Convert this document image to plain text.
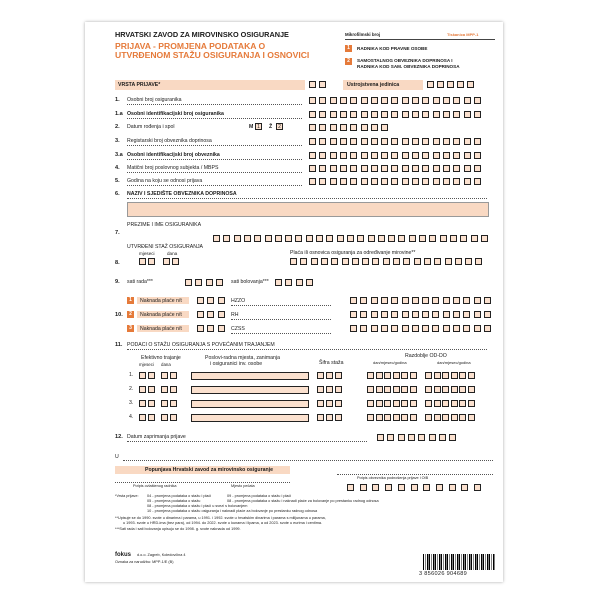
HRVATSKI ZAVOD ZA MIROVINSKO OSIGURANJE
PRIJAVA - PROMJENA PODATAKA O
UTVRĐENOM STAŽU OSIGURANJA I OSNOVICI
Mikrofilmski broj	Tiskanica MPP-1
1	RADNIKA KOD PRAVNE OSOBE
2	SAMOSTALNOG OBVEZNIKA DOPRINOSA I
RADNIKA KOD SAM. OBVEZNIKA DOPRINOSA
VRSTA PRIJAVE*	Ustrojstvena jedinica
1. Osobni broj osiguranika
1.a Osobni identifikacijski broj osiguranika
2. Datum rođenja i spol	M 1	Ž	2
3. Registarski broj obveznika doprinosa
3.a Osobni identifikacijski broj obveznika
4. Matični broj poslovnog subjekta / MBPS
5. Godina na koju se odnosi prijava
6. NAZIV I SJEDIŠTE OBVEZNIKA DOPRINOSA
7.
PREZIME I IME OSIGURANIKA
UTVRĐENI STAŽ OSIGURANJA
mjeseci	dana
8.
Plaća ili osnovica osiguranja za određivanje mirovine**
9. sati rada***	sati bolovanja***
10.
1	Naknada plaće n/t	HZZO
2	Naknada plaće n/t	RH
3	Naknada plaće n/t	CZSS
11. PODACI O STAŽU OSIGURANJA S POVEĆANIM TRAJANJEM
Efektivno trajanje
mjeseci dana
Poslovi-radna mjesta, zanimanja
i osiguranici inv. osobe	Šifra staža
Razdoblje OD-DO
dan/mjesec/godina	dan/mjesec/godina
1.
2.
3.
4.
12. Datum zaprimanja prijave
U
Popunjava Hrvatski zavod za mirovinsko osiguranje
Potpis ovlaštenog radnika	Mjesto pečata
Potpis obveznika podnošenja prijave i OIB
*Vrsta prijave: 04 - promjena podataka o stažu i plaći	09 - promjena podataka o stažu i plaći
05 - promjena podataka o stažu	08 - promjena podataka o stažu i naknadi plaće za bolovanje po prestanku radnog odnosa
08 - promjena podataka o stažu i plaći u svezi s bolovanjem
10 - promjena podataka o stažu osiguranja i naknadi plaće za bolovanje po prestanku radnog odnosa
**Upisuje se do 1990. svote u dinarima i parama, u 1991. i 1992. svote u hrvatskim dinarima i parama s milijunama u parama,
u 1993. svote u HRD-ima (bez para), od 1994. do 2022. svote u kunama i lipama, a od 2023. svote u eurima i centima.
***Sati rada i sati bolovanja upisuju se do 1998. g. svote naknada od 1999.
fokus d.o.o. Zagreb, Koledovčina 4
Oznaka za narudžbu: MPP-1/E (B)
3 856026 904689
